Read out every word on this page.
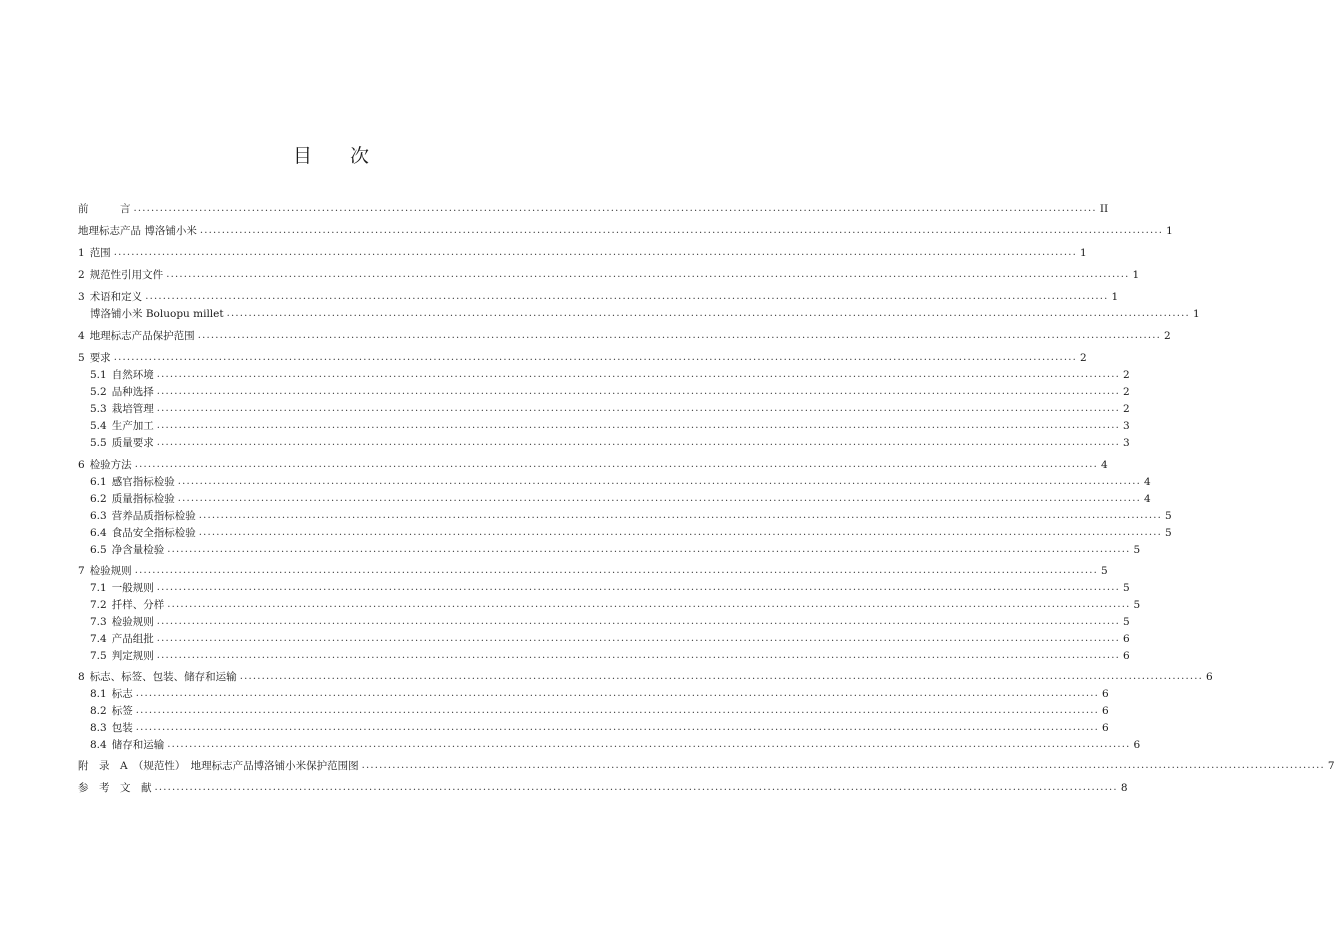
目 次
前　　　言 ............................................................................................................................................................................................................................ II
地理标志产品 博洛铺小米 ............................................................................................................................................................................................................................ 1
1 范围 ............................................................................................................................................................................................................................ 1
2 规范性引用文件 ............................................................................................................................................................................................................................ 1
3 术语和定义 ............................................................................................................................................................................................................................ 1
博洛铺小米 Boluopu millet ............................................................................................................................................................................................................................ 1
4 地理标志产品保护范围 ............................................................................................................................................................................................................................ 2
5 要求 ............................................................................................................................................................................................................................ 2
5.1 自然环境 ............................................................................................................................................................................................................................ 2
5.2 品种选择 ............................................................................................................................................................................................................................ 2
5.3 栽培管理 ............................................................................................................................................................................................................................ 2
5.4 生产加工 ............................................................................................................................................................................................................................ 3
5.5 质量要求 ............................................................................................................................................................................................................................ 3
6 检验方法 ............................................................................................................................................................................................................................ 4
6.1 感官指标检验 ............................................................................................................................................................................................................................ 4
6.2 质量指标检验 ............................................................................................................................................................................................................................ 4
6.3 营养品质指标检验 ............................................................................................................................................................................................................................ 5
6.4 食品安全指标检验 ............................................................................................................................................................................................................................ 5
6.5 净含量检验 ............................................................................................................................................................................................................................ 5
7 检验规则 ............................................................................................................................................................................................................................ 5
7.1 一般规则 ............................................................................................................................................................................................................................ 5
7.2 扦样、分样 ............................................................................................................................................................................................................................ 5
7.3 检验规则 ............................................................................................................................................................................................................................ 5
7.4 产品组批 ............................................................................................................................................................................................................................ 6
7.5 判定规则 ............................................................................................................................................................................................................................ 6
8 标志、标签、包装、储存和运输 ............................................................................................................................................................................................................................ 6
8.1 标志 ............................................................................................................................................................................................................................ 6
8.2 标签 ............................................................................................................................................................................................................................ 6
8.3 包装 ............................................................................................................................................................................................................................ 6
8.4 储存和运输 ............................................................................................................................................................................................................................ 6
附　录　A　（规范性）　地理标志产品博洛铺小米保护范围图 ............................................................................................................................................................................................................................ 7
参　考　文　献 ............................................................................................................................................................................................................................ 8
